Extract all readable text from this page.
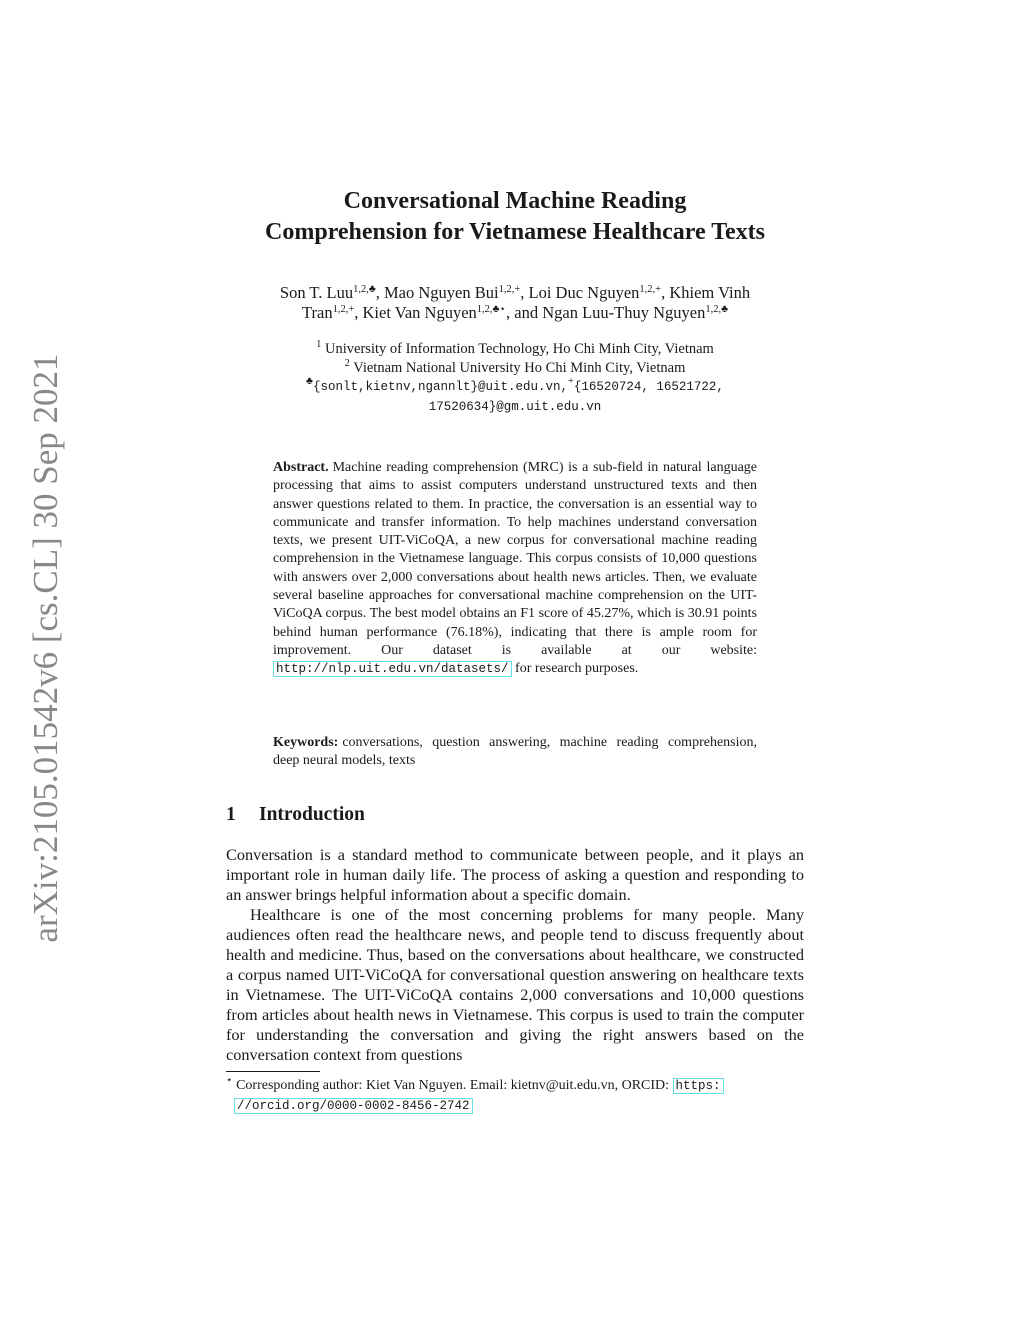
arXiv:2105.01542v6 [cs.CL] 30 Sep 2021
Conversational Machine Reading
Comprehension for Vietnamese Healthcare Texts
Son T. Luu$^{1,2,♣}$, Mao Nguyen Bui$^{1,2,+}$, Loi Duc Nguyen$^{1,2,+}$, Khiem Vinh
Tran$^{1,2,+}$, Kiet Van Nguyen$^{1,2,♣⋆}$, and Ngan Luu-Thuy Nguyen$^{1,2,♣}$
$^1$ University of Information Technology, Ho Chi Minh City, Vietnam
$^2$ Vietnam National University Ho Chi Minh City, Vietnam
♣{sonlt,kietnv,ngannlt}@uit.edu.vn,+{16520724, 16521722,
17520634}@gm.uit.edu.vn
Abstract. Machine reading comprehension (MRC) is a sub-field in natural language processing that aims to assist computers understand unstructured texts and then answer questions related to them. In practice, the conversation is an essential way to communicate and transfer information. To help machines understand conversation texts, we present UIT-ViCoQA, a new corpus for conversational machine reading comprehension in the Vietnamese language. This corpus consists of 10,000 questions with answers over 2,000 conversations about health news articles. Then, we evaluate several baseline approaches for conversational machine comprehension on the UIT-ViCoQA corpus. The best model obtains an F1 score of 45.27%, which is 30.91 points behind human performance (76.18%), indicating that there is ample room for improvement. Our dataset is available at our website: http://nlp.uit.edu.vn/datasets/ for research purposes.
Keywords: conversations, question answering, machine reading comprehension, deep neural models, texts
1 Introduction

Conversation is a standard method to communicate between people, and it plays an important role in human daily life. The process of asking a question and responding to an answer brings helpful information about a specific domain.

Healthcare is one of the most concerning problems for many people. Many audiences often read the healthcare news, and people tend to discuss frequently about health and medicine. Thus, based on the conversations about healthcare, we constructed a corpus named UIT-ViCoQA for conversational question answering on healthcare texts in Vietnamese. The UIT-ViCoQA contains 2,000 conversations and 10,000 questions from articles about health news in Vietnamese. This corpus is used to train the computer for understanding the conversation and giving the right answers based on the conversation context from questions

⋆ Corresponding author: Kiet Van Nguyen. Email: kietnv@uit.edu.vn, ORCID: https:
//orcid.org/0000-0002-8456-2742
